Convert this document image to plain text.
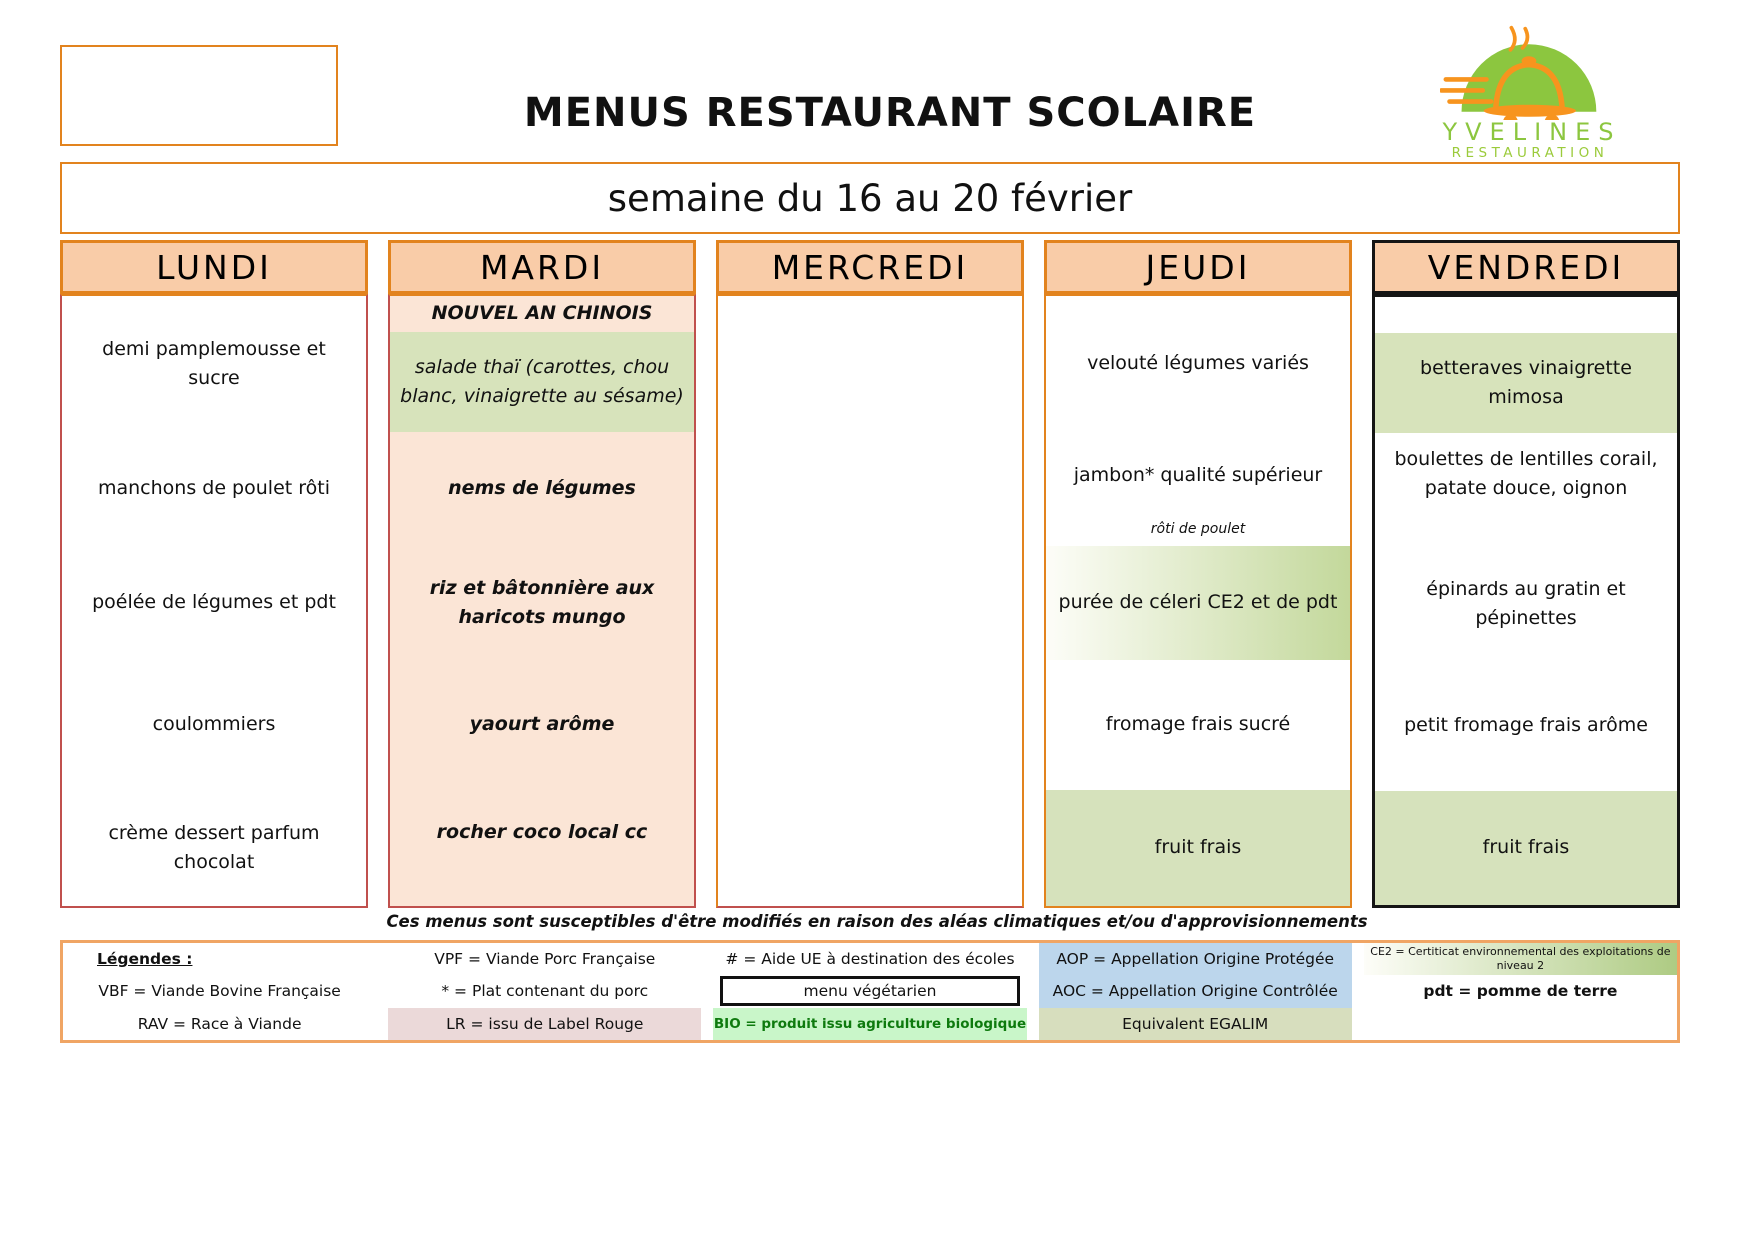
MENUS RESTAURANT SCOLAIRE	YVELINES
RESTAURATION
semaine du 16 au 20 février
LUNDI
demi pamplemousse et sucre
manchons de poulet rôti
poélée de légumes et pdt
coulommiers
crème dessert parfum chocolat
MARDI
NOUVEL AN CHINOIS
salade thaï (carottes, chou blanc, vinaigrette au sésame)
nems de légumes
riz et bâtonnière aux haricots mungo
yaourt arôme
rocher coco local cc
MERCREDI	JEUDI
velouté légumes variés
jambon* qualité supérieur
rôti de poulet
purée de céleri CE2 et de pdt
fromage frais sucré
fruit frais
VENDREDI
betteraves vinaigrette mimosa
boulettes de lentilles corail, patate douce, oignon
épinards au gratin et pépinettes
petit fromage frais arôme
fruit frais
Ces menus sont susceptibles d'être modifiés en raison des aléas climatiques et/ou d'approvisionnements
Légendes :
VBF = Viande Bovine Française
RAV = Race à Viande
VPF = Viande Porc Française
* = Plat contenant du porc
LR = issu de Label Rouge
# = Aide UE à destination des écoles
menu végétarien
BIO = produit issu agriculture biologique
AOP = Appellation Origine Protégée
AOC = Appellation Origine Contrôlée
Equivalent EGALIM
CE2 = Certiticat environnemental des exploitations de niveau 2
pdt = pomme de terre
